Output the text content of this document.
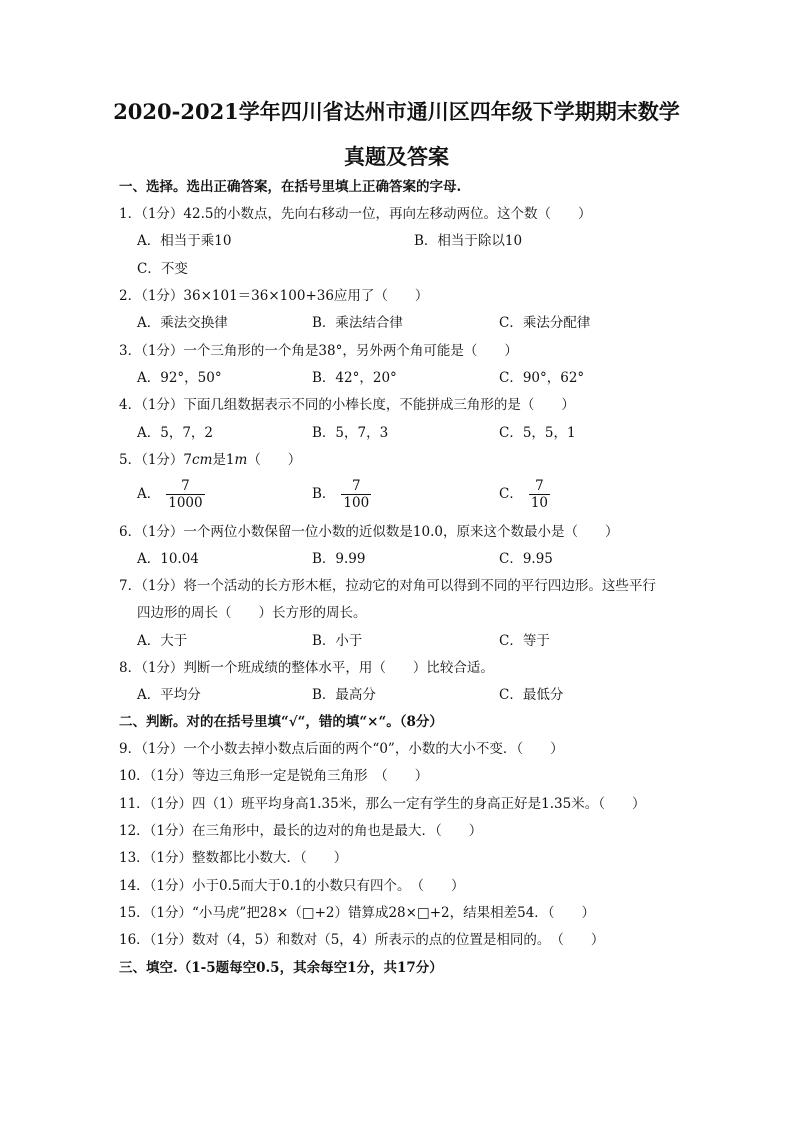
2020-2021学年四川省达州市通川区四年级下学期期末数学
真题及答案
一、选择。选出正确答案，在括号里填上正确答案的字母.
1．（1分）42.5的小数点，先向右移动一位，再向左移动两位。这个数（　　）
A．相当于乘10	B．相当于除以10
C．不变
2．（1分）36×101＝36×100+36应用了（　　）
A．乘法交换律	B．乘法结合律	C．乘法分配律
3．（1分）一个三角形的一个角是38°，另外两个角可能是（　　）
A．92°，50°	B．42°，20°	C．90°，62°
4．（1分）下面几组数据表示不同的小棒长度，不能拼成三角形的是（　　）
A．5，7，2	B．5，7，3	C．5，5，1
5．（1分）7cm是1m（　　）
A． $\frac{7}{1000}$	B． $\frac{7}{100}$	C． $\frac{7}{10}$
6．（1分）一个两位小数保留一位小数的近似数是10.0，原来这个数最小是（　　）
A．10.04	B．9.99	C．9.95
7．（1分）将一个活动的长方形木框，拉动它的对角可以得到不同的平行四边形。这些平行
四边形的周长（　　）长方形的周长。
A．大于	B．小于	C．等于
8．（1分）判断一个班成绩的整体水平，用（　　）比较合适。
A．平均分	B．最高分	C．最低分
二、判断。对的在括号里填“√“，错的填“×“。（8分）
9．（1分）一个小数去掉小数点后面的两个“0”，小数的大小不变．（　　）
10．（1分）等边三角形一定是锐角三角形　（　　）
11．（1分）四（1）班平均身高1.35米，那么一定有学生的身高正好是1.35米。（　　）
12．（1分）在三角形中，最长的边对的角也是最大．（　　）
13．（1分）整数都比小数大．（　　）
14．（1分）小于0.5而大于0.1的小数只有四个。　（　　）
15．（1分）“小马虎”把28×（□+2）错算成28×□+2，结果相差54．（　　）
16．（1分）数对（4，5）和数对（5，4）所表示的点的位置是相同的。　（　　）
三、填空.（1-5题每空0.5，其余每空1分，共17分）
